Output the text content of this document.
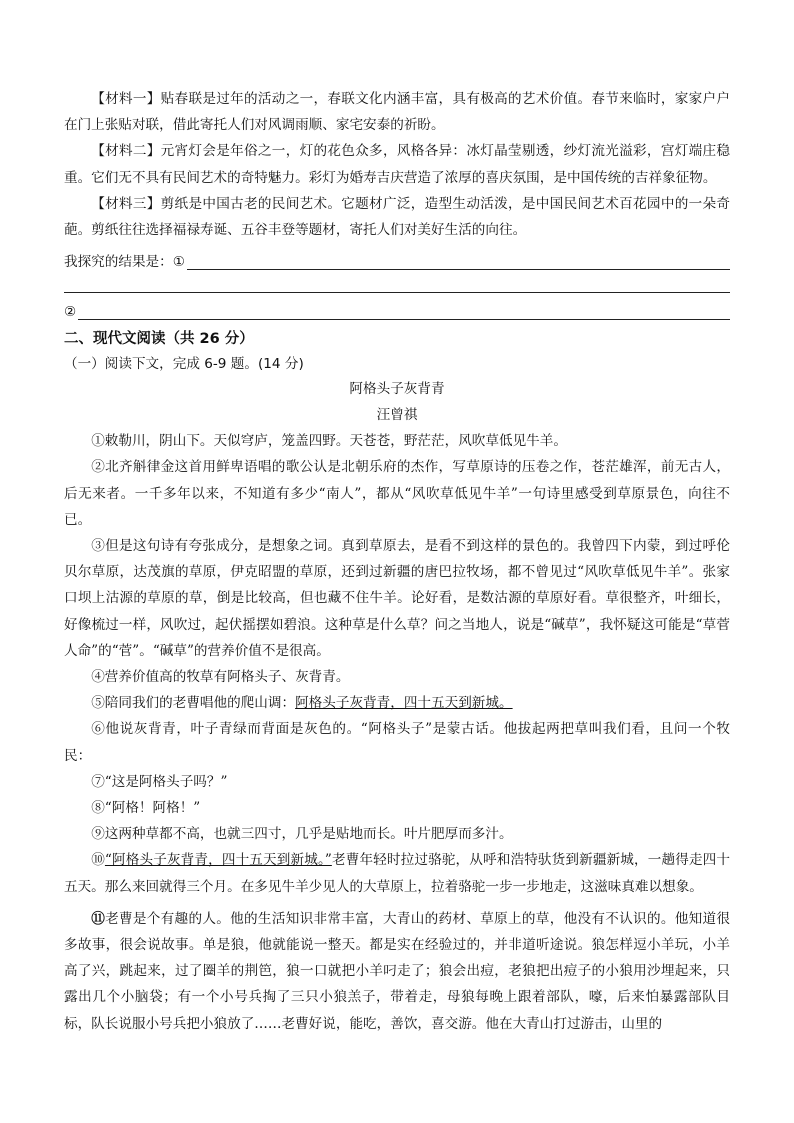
【材料一】贴春联是过年的活动之一，春联文化内涵丰富，具有极高的艺术价值。春节来临时，家家户户在门上张贴对联，借此寄托人们对风调雨顺、家宅安泰的祈盼。

【材料二】元宵灯会是年俗之一，灯的花色众多，风格各异：冰灯晶莹剔透，纱灯流光溢彩，宫灯端庄稳重。它们无不具有民间艺术的奇特魅力。彩灯为婚寿吉庆营造了浓厚的喜庆氛围，是中国传统的吉祥象征物。

【材料三】剪纸是中国古老的民间艺术。它题材广泛，造型生动活泼，是中国民间艺术百花园中的一朵奇葩。剪纸往往选择福禄寿诞、五谷丰登等题材，寄托人们对美好生活的向往。

我探究的结果是：①
②
二、现代文阅读（共 26 分）
（一）阅读下文，完成 6-9 题。(14 分)
阿格头子灰背青
汪曾祺

①敕勒川，阴山下。天似穹庐，笼盖四野。天苍苍，野茫茫，风吹草低见牛羊。

②北齐斛律金这首用鲜卑语唱的歌公认是北朝乐府的杰作，写草原诗的压卷之作，苍茫雄浑，前无古人，后无来者。一千多年以来，不知道有多少“南人”，都从“风吹草低见牛羊”一句诗里感受到草原景色，向往不已。

③但是这句诗有夸张成分，是想象之词。真到草原去，是看不到这样的景色的。我曾四下内蒙，到过呼伦贝尔草原，达茂旗的草原，伊克昭盟的草原，还到过新疆的唐巴拉牧场，都不曾见过“风吹草低见牛羊”。张家口坝上沽源的草原的草，倒是比较高，但也藏不住牛羊。论好看，是数沽源的草原好看。草很整齐，叶细长，好像梳过一样，风吹过，起伏摇摆如碧浪。这种草是什么草？问之当地人，说是“碱草”，我怀疑这可能是“草菅人命”的“菅”。“碱草”的营养价值不是很高。

④营养价值高的牧草有阿格头子、灰背青。

⑤陪同我们的老曹唱他的爬山调：阿格头子灰背青，四十五天到新城。

⑥他说灰背青，叶子青绿而背面是灰色的。“阿格头子”是蒙古话。他拔起两把草叫我们看，且问一个牧民：

⑦“这是阿格头子吗？”

⑧“阿格！阿格！”

⑨这两种草都不高，也就三四寸，几乎是贴地而长。叶片肥厚而多汁。

⑩“阿格头子灰背青，四十五天到新城。”老曹年轻时拉过骆驼，从呼和浩特驮货到新疆新城，一趟得走四十五天。那么来回就得三个月。在多见牛羊少见人的大草原上，拉着骆驼一步一步地走，这滋味真难以想象。

⑪老曹是个有趣的人。他的生活知识非常丰富，大青山的药材、草原上的草，他没有不认识的。他知道很多故事，很会说故事。单是狼，他就能说一整天。都是实在经验过的，并非道听途说。狼怎样逗小羊玩，小羊高了兴，跳起来，过了圈羊的荆笆，狼一口就把小羊叼走了；狼会出痘，老狼把出痘子的小狼用沙埋起来，只露出几个小脑袋；有一个小号兵掏了三只小狼羔子，带着走，母狼每晚上跟着部队，嚎，后来怕暴露部队目标，队长说服小号兵把小狼放了……老曹好说，能吃，善饮，喜交游。他在大青山打过游击，山里的
